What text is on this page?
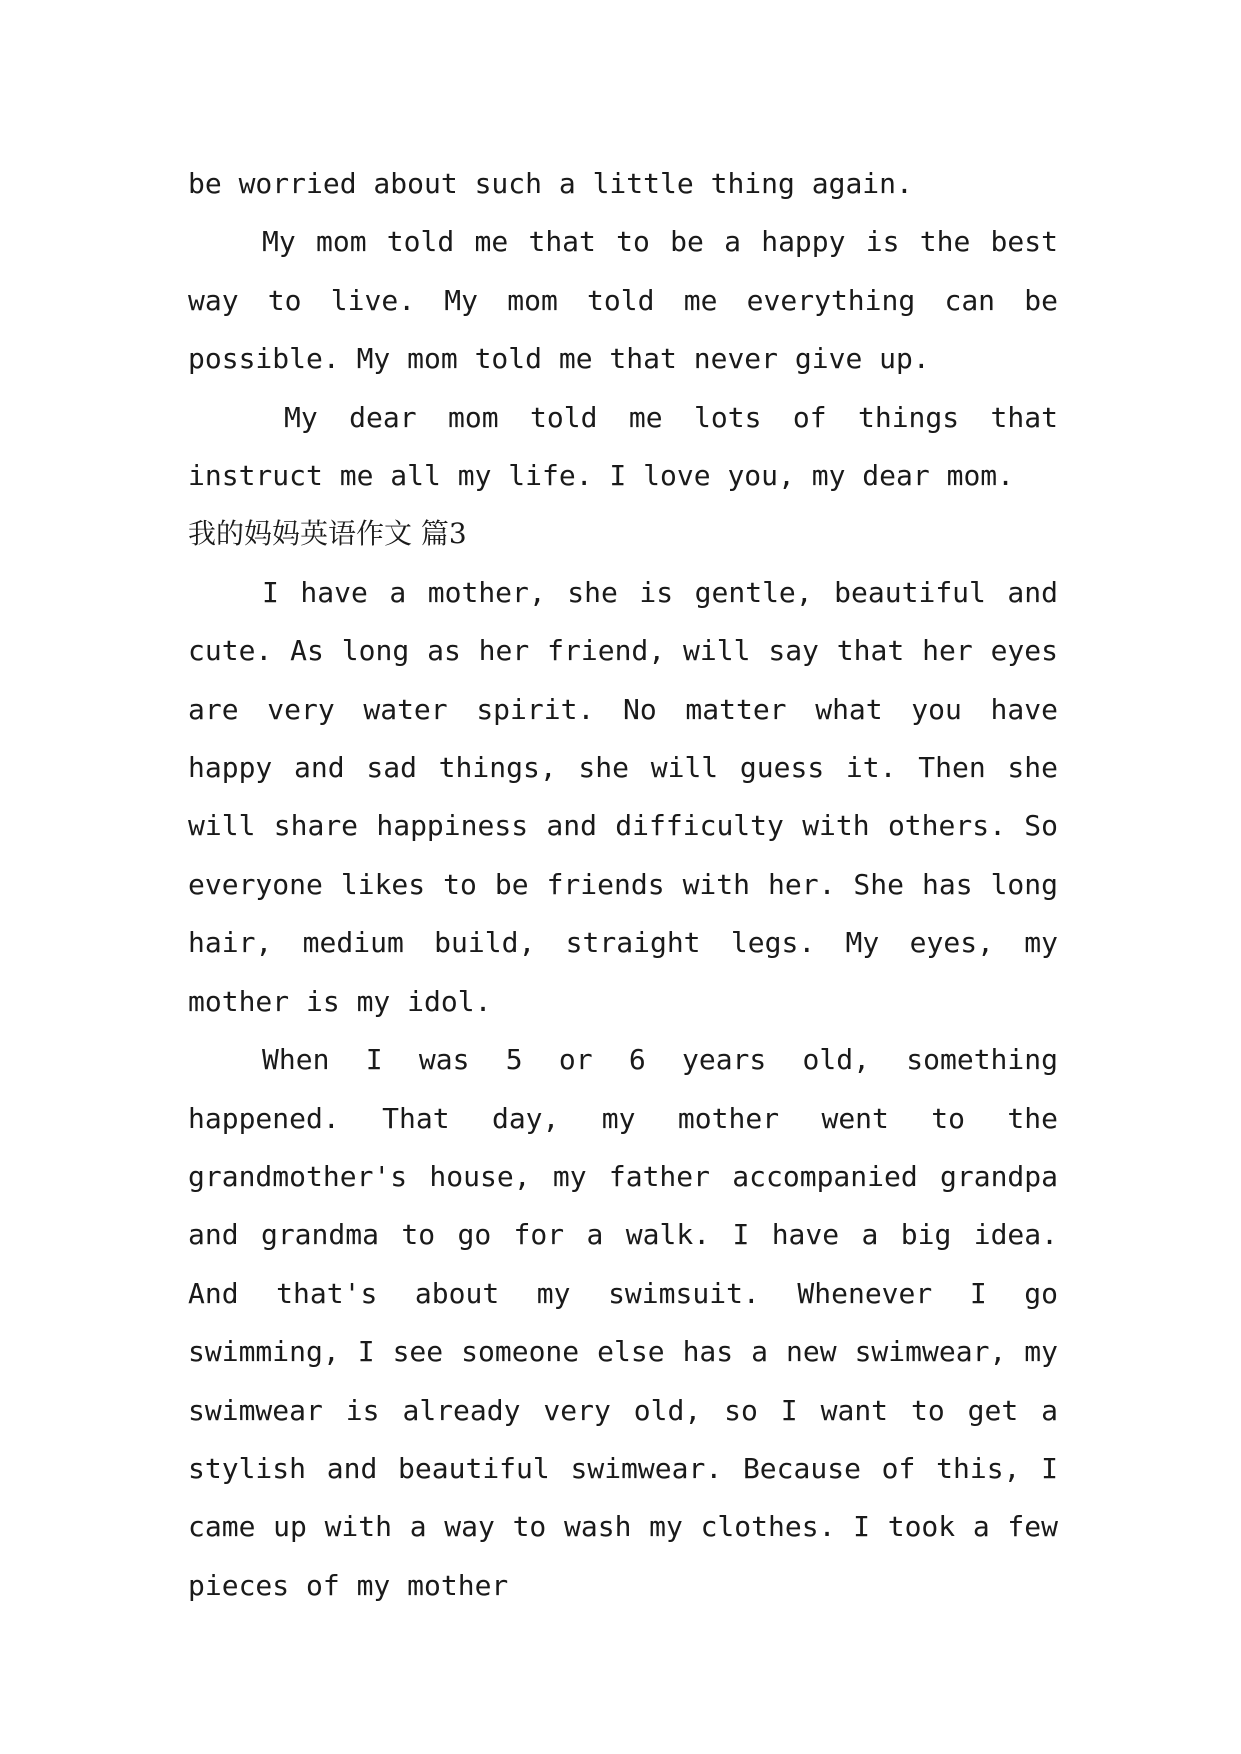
be worried about such a little thing again.

My mom told me that to be a happy is the best way to live. My mom told me everything can be possible. My mom told me that never give up.

My dear mom told me lots of things that instruct me all my life. I love you, my dear mom.

我的妈妈英语作文 篇3

I have a mother, she is gentle, beautiful and cute. As long as her friend, will say that her eyes are very water spirit. No matter what you have happy and sad things, she will guess it. Then she will share happiness and difficulty with others. So everyone likes to be friends with her. She has long hair, medium build, straight legs. My eyes, my mother is my idol.

When I was 5 or 6 years old, something happened. That day, my mother went to the grandmother's house, my father accompanied grandpa and grandma to go for a walk. I have a big idea. And that's about my swimsuit. Whenever I go swimming, I see someone else has a new swimwear, my swimwear is already very old, so I want to get a stylish and beautiful swimwear. Because of this, I came up with a way to wash my clothes. I took a few pieces of my mother
